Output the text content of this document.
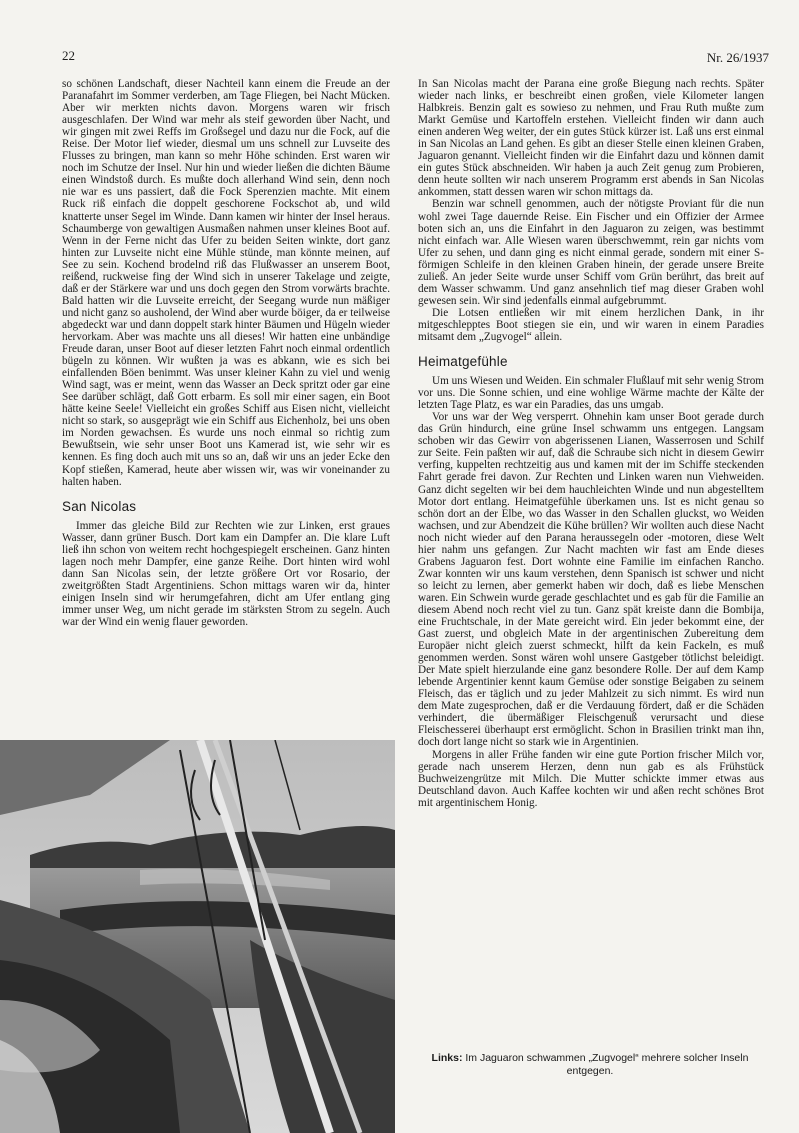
22	Nr. 26/1937

so schönen Landschaft, dieser Nachteil kann einem die Freude an der Paranafahrt im Sommer verderben, am Tage Fliegen, bei Nacht Mücken. Aber wir merkten nichts davon. Morgens waren wir frisch ausgeschlafen. Der Wind war mehr als steif geworden über Nacht, und wir gingen mit zwei Reffs im Großsegel und dazu nur die Fock, auf die Reise. Der Motor lief wieder, diesmal um uns schnell zur Luvseite des Flusses zu bringen, man kann so mehr Höhe schinden. Erst waren wir noch im Schutze der Insel. Nur hin und wieder ließen die dichten Bäume einen Windstoß durch. Es mußte doch allerhand Wind sein, denn noch nie war es uns passiert, daß die Fock Sperenzien machte. Mit einem Ruck riß einfach die doppelt geschorene Fockschot ab, und wild knatterte unser Segel im Winde. Dann kamen wir hinter der Insel heraus. Schaumberge von gewaltigen Ausmaßen nahmen unser kleines Boot auf. Wenn in der Ferne nicht das Ufer zu beiden Seiten winkte, dort ganz hinten zur Luvseite nicht eine Mühle stünde, man könnte meinen, auf See zu sein. Kochend brodelnd riß das Flußwasser an unserem Boot, reißend, ruckweise fing der Wind sich in unserer Takelage und zeigte, daß er der Stärkere war und uns doch gegen den Strom vorwärts brachte. Bald hatten wir die Luvseite erreicht, der Seegang wurde nun mäßiger und nicht ganz so ausholend, der Wind aber wurde böiger, da er teilweise abgedeckt war und dann doppelt stark hinter Bäumen und Hügeln wieder hervorkam. Aber was machte uns all dieses! Wir hatten eine unbändige Freude daran, unser Boot auf dieser letzten Fahrt noch einmal ordentlich bügeln zu können. Wir wußten ja was es abkann, wie es sich bei einfallenden Böen benimmt. Was unser kleiner Kahn zu viel und wenig Wind sagt, was er meint, wenn das Wasser an Deck spritzt oder gar eine See darüber schlägt, daß Gott erbarm. Es soll mir einer sagen, ein Boot hätte keine Seele! Vielleicht ein großes Schiff aus Eisen nicht, vielleicht nicht so stark, so ausgeprägt wie ein Schiff aus Eichenholz, bei uns oben im Norden gewachsen. Es wurde uns noch einmal so richtig zum Bewußtsein, wie sehr unser Boot uns Kamerad ist, wie sehr wir es kennen. Es fing doch auch mit uns so an, daß wir uns an jeder Ecke den Kopf stießen, Kamerad, heute aber wissen wir, was wir voneinander zu halten haben.

San Nicolas

Immer das gleiche Bild zur Rechten wie zur Linken, erst graues Wasser, dann grüner Busch. Dort kam ein Dampfer an. Die klare Luft ließ ihn schon von weitem recht hochgespiegelt erscheinen. Ganz hinten lagen noch mehr Dampfer, eine ganze Reihe. Dort hinten wird wohl dann San Nicolas sein, der letzte größere Ort vor Rosario, der zweitgrößten Stadt Argentiniens. Schon mittags waren wir da, hinter einigen Inseln sind wir herumgefahren, dicht am Ufer entlang ging immer unser Weg, um nicht gerade im stärksten Strom zu segeln. Auch war der Wind ein wenig flauer geworden.

In San Nicolas macht der Parana eine große Biegung nach rechts. Später wieder nach links, er beschreibt einen großen, viele Kilometer langen Halbkreis. Benzin galt es sowieso zu nehmen, und Frau Ruth mußte zum Markt Gemüse und Kartoffeln erstehen. Vielleicht finden wir dann auch einen anderen Weg weiter, der ein gutes Stück kürzer ist. Laß uns erst einmal in San Nicolas an Land gehen. Es gibt an dieser Stelle einen kleinen Graben, Jaguaron genannt. Vielleicht finden wir die Einfahrt dazu und können damit ein gutes Stück abschneiden. Wir haben ja auch Zeit genug zum Probieren, denn heute sollten wir nach unserem Programm erst abends in San Nicolas ankommen, statt dessen waren wir schon mittags da.

Benzin war schnell genommen, auch der nötigste Proviant für die nun wohl zwei Tage dauernde Reise. Ein Fischer und ein Offizier der Armee boten sich an, uns die Einfahrt in den Jaguaron zu zeigen, was bestimmt nicht einfach war. Alle Wiesen waren überschwemmt, rein gar nichts vom Ufer zu sehen, und dann ging es nicht einmal gerade, sondern mit einer S-förmigen Schleife in den kleinen Graben hinein, der gerade unsere Breite zuließ. An jeder Seite wurde unser Schiff vom Grün berührt, das breit auf dem Wasser schwamm. Und ganz ansehnlich tief mag dieser Graben wohl gewesen sein. Wir sind jedenfalls einmal aufgebrummt.

Die Lotsen entließen wir mit einem herzlichen Dank, in ihr mitgeschlepptes Boot stiegen sie ein, und wir waren in einem Paradies mitsamt dem „Zugvogel“ allein.

Heimatgefühle

Um uns Wiesen und Weiden. Ein schmaler Flußlauf mit sehr wenig Strom vor uns. Die Sonne schien, und eine wohlige Wärme machte der Kälte der letzten Tage Platz, es war ein Paradies, das uns umgab.

Vor uns war der Weg versperrt. Ohnehin kam unser Boot gerade durch das Grün hindurch, eine grüne Insel schwamm uns entgegen. Langsam schoben wir das Gewirr von abgerissenen Lianen, Wasserrosen und Schilf zur Seite. Fein paßten wir auf, daß die Schraube sich nicht in diesem Gewirr verfing, kuppelten rechtzeitig aus und kamen mit der im Schiffe steckenden Fahrt gerade frei davon. Zur Rechten und Linken waren nun Viehweiden. Ganz dicht segelten wir bei dem hauchleichten Winde und nun abgestelltem Motor dort entlang. Heimatgefühle überkamen uns. Ist es nicht genau so schön dort an der Elbe, wo das Wasser in den Schallen gluckst, wo Weiden wachsen, und zur Abendzeit die Kühe brüllen? Wir wollten auch diese Nacht noch nicht wieder auf den Parana heraussegeln oder -motoren, diese Welt hier nahm uns gefangen. Zur Nacht machten wir fast am Ende dieses Grabens Jaguaron fest. Dort wohnte eine Familie im einfachen Rancho. Zwar konnten wir uns kaum verstehen, denn Spanisch ist schwer und nicht so leicht zu lernen, aber gemerkt haben wir doch, daß es liebe Menschen waren. Ein Schwein wurde gerade geschlachtet und es gab für die Familie an diesem Abend noch recht viel zu tun. Ganz spät kreiste dann die Bombija, eine Fruchtschale, in der Mate gereicht wird. Ein jeder bekommt eine, der Gast zuerst, und obgleich Mate in der argentinischen Zubereitung dem Europäer nicht gleich zuerst schmeckt, hilft da kein Fackeln, es muß genommen werden. Sonst wären wohl unsere Gastgeber tötlichst beleidigt. Der Mate spielt hierzulande eine ganz besondere Rolle. Der auf dem Kamp lebende Argentinier kennt kaum Gemüse oder sonstige Beigaben zu seinem Fleisch, das er täglich und zu jeder Mahlzeit zu sich nimmt. Es wird nun dem Mate zugesprochen, daß er die Verdauung fördert, daß er die Schäden verhindert, die übermäßiger Fleischgenuß verursacht und diese Fleischesserei überhaupt erst ermöglicht. Schon in Brasilien trinkt man ihn, doch dort lange nicht so stark wie in Argentinien.

Morgens in aller Frühe fanden wir eine gute Portion frischer Milch vor, gerade nach unserem Herzen, denn nun gab es als Frühstück Buchweizengrütze mit Milch. Die Mutter schickte immer etwas aus Deutschland davon. Auch Kaffee kochten wir und aßen recht schönes Brot mit argentinischem Honig.

Links: Im Jaguaron schwammen „Zugvogel“ mehrere solcher Inseln entgegen.
